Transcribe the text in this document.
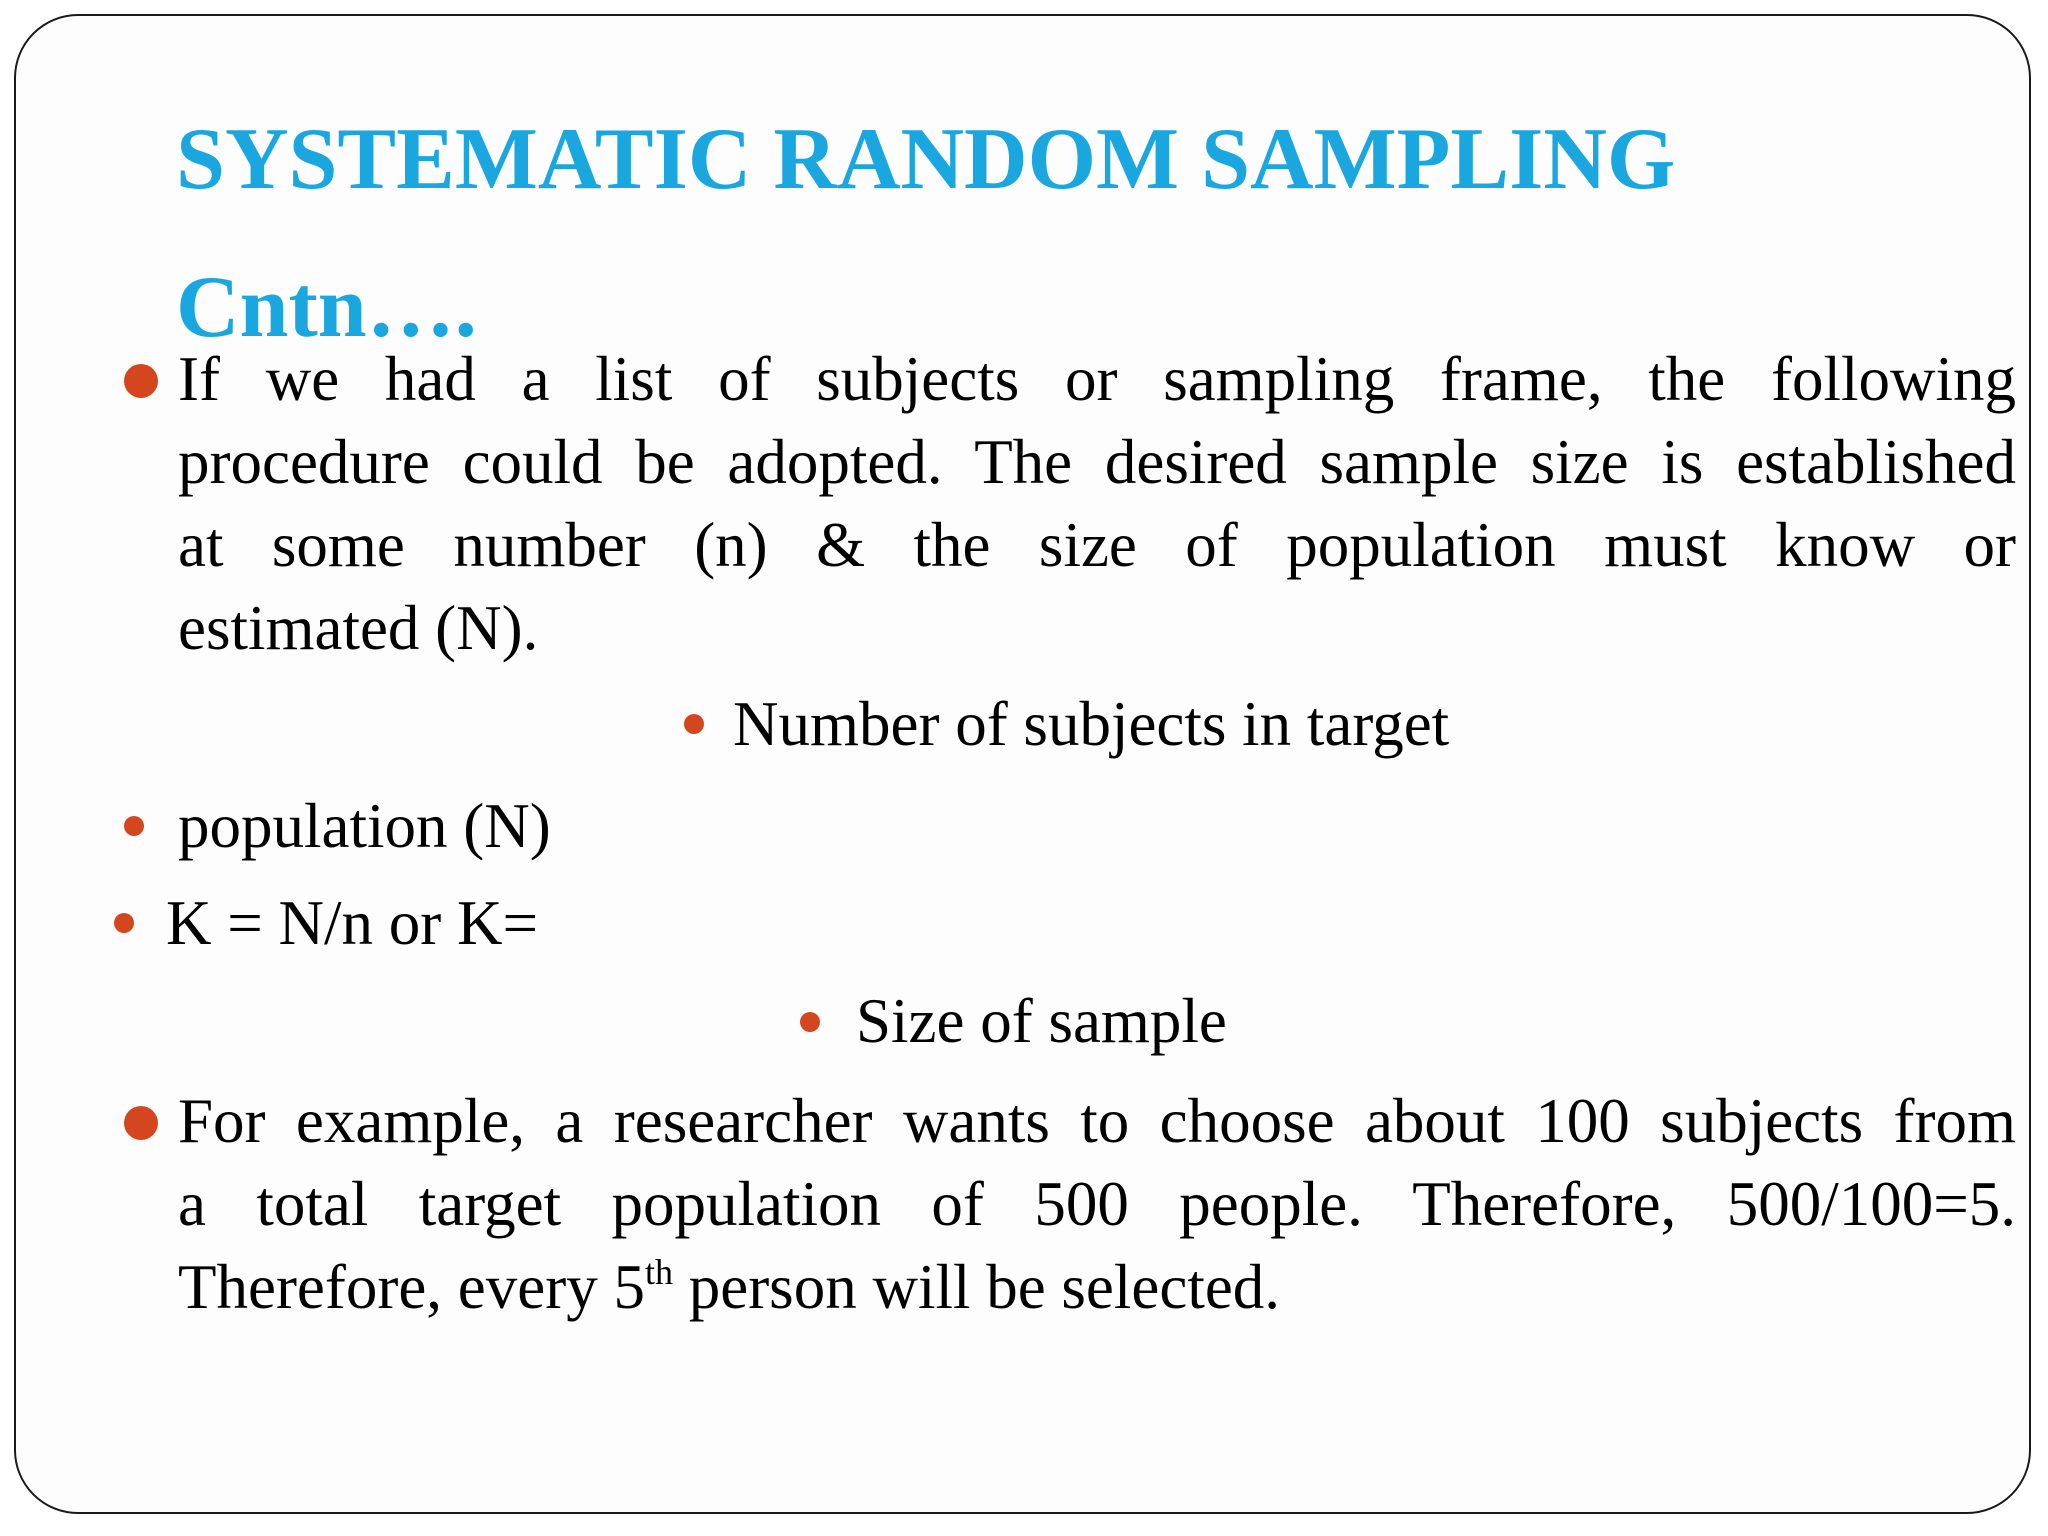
SYSTEMATIC RANDOM SAMPLING
Cntn….

If we had a list of subjects or sampling frame, the following
procedure could be adopted. The desired sample size is established
at some number (n) & the size of population must know or
estimated (N).

Number of subjects in target
population (N)
K = N/n or K=
Size of sample

For example, a researcher wants to choose about 100 subjects from
a total target population of 500 people. Therefore, 500/100=5.
Therefore, every 5th person will be selected.
